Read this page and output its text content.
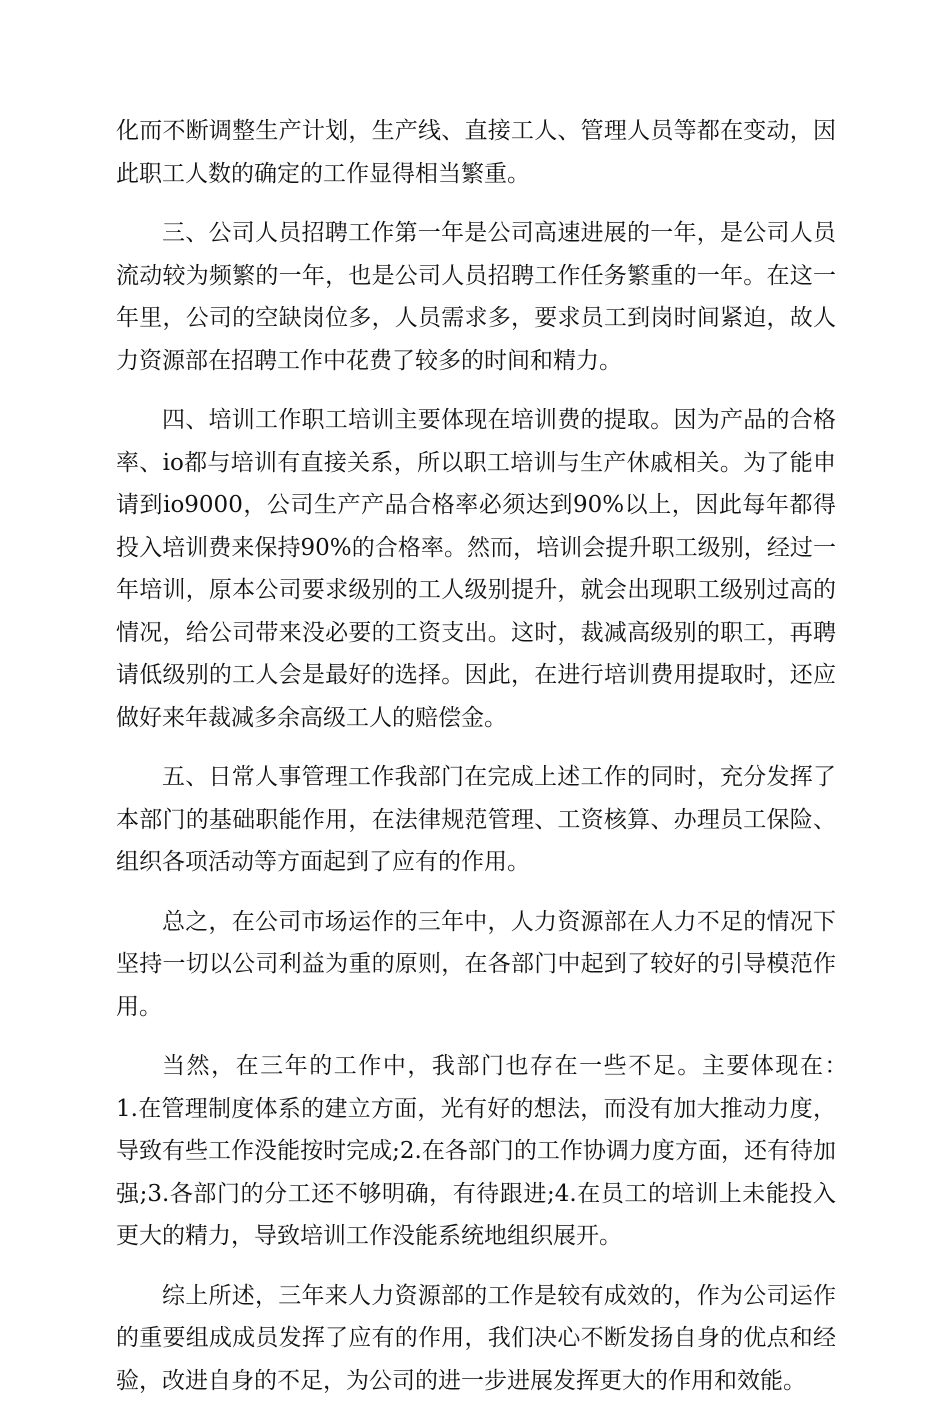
化而不断调整生产计划，生产线、直接工人、管理人员等都在变动，因此职工人数的确定的工作显得相当繁重。

三、公司人员招聘工作第一年是公司高速进展的一年，是公司人员流动较为频繁的一年，也是公司人员招聘工作任务繁重的一年。在这一年里，公司的空缺岗位多，人员需求多，要求员工到岗时间紧迫，故人力资源部在招聘工作中花费了较多的时间和精力。

四、培训工作职工培训主要体现在培训费的提取。因为产品的合格率、io都与培训有直接关系，所以职工培训与生产休戚相关。为了能申请到io9000，公司生产产品合格率必须达到90%以上，因此每年都得投入培训费来保持90%的合格率。然而，培训会提升职工级别，经过一年培训，原本公司要求级别的工人级别提升，就会出现职工级别过高的情况，给公司带来没必要的工资支出。这时，裁减高级别的职工，再聘请低级别的工人会是最好的选择。因此，在进行培训费用提取时，还应做好来年裁减多余高级工人的赔偿金。

五、日常人事管理工作我部门在完成上述工作的同时，充分发挥了本部门的基础职能作用，在法律规范管理、工资核算、办理员工保险、组织各项活动等方面起到了应有的作用。

总之，在公司市场运作的三年中，人力资源部在人力不足的情况下坚持一切以公司利益为重的原则，在各部门中起到了较好的引导模范作用。

当然，在三年的工作中，我部门也存在一些不足。主要体现在：　1.在管理制度体系的建立方面，光有好的想法，而没有加大推动力度，导致有些工作没能按时完成;2.在各部门的工作协调力度方面，还有待加强;3.各部门的分工还不够明确，有待跟进;4.在员工的培训上未能投入更大的精力，导致培训工作没能系统地组织展开。

综上所述，三年来人力资源部的工作是较有成效的，作为公司运作的重要组成成员发挥了应有的作用，我们决心不断发扬自身的优点和经验，改进自身的不足，为公司的进一步进展发挥更大的作用和效能。
